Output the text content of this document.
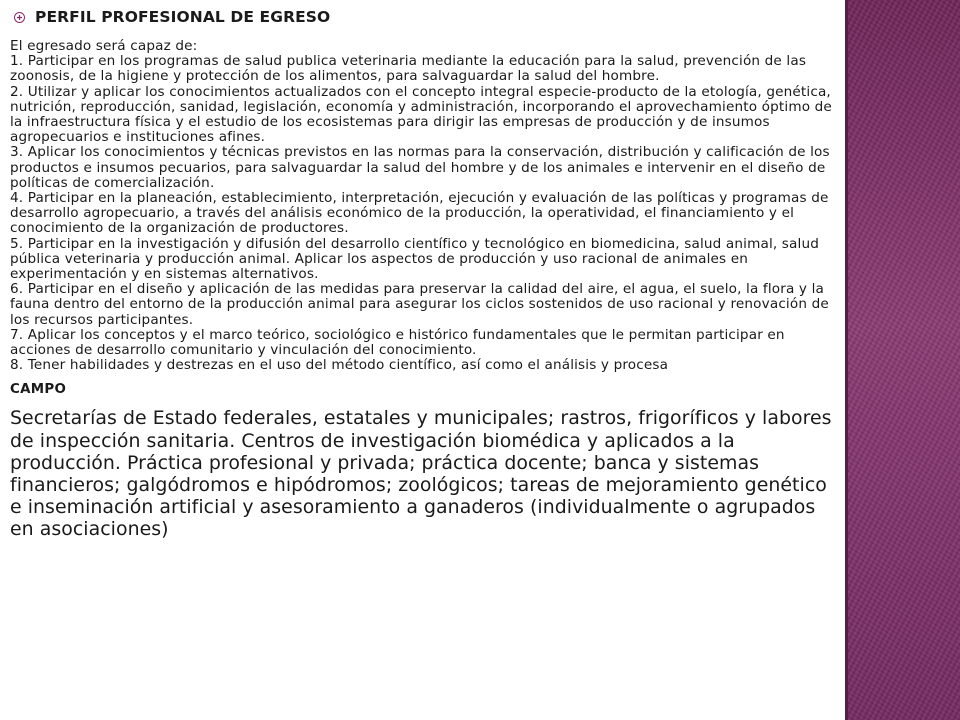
PERFIL PROFESIONAL DE EGRESO

El egresado será capaz de:

1. Participar en los programas de salud publica veterinaria mediante la educación para la salud, prevención de las zoonosis, de la higiene y protección de los alimentos, para salvaguardar la salud del hombre.

2. Utilizar y aplicar los conocimientos actualizados con el concepto integral especie-producto de la etología, genética, nutrición, reproducción, sanidad, legislación, economía y administración, incorporando el aprovechamiento óptimo de la infraestructura física y el estudio de los ecosistemas para dirigir las empresas de producción y de insumos agropecuarios e instituciones afines.

3. Aplicar los conocimientos y técnicas previstos en las normas para la conservación, distribución y calificación de los productos e insumos pecuarios, para salvaguardar la salud del hombre y de los animales e intervenir en el diseño de políticas de comercialización.

4. Participar en la planeación, establecimiento, interpretación, ejecución y evaluación de las políticas y programas de desarrollo agropecuario, a través del análisis económico de la producción, la operatividad, el financiamiento y el conocimiento de la organización de productores.

5. Participar en la investigación y difusión del desarrollo científico y tecnológico en biomedicina, salud animal, salud pública veterinaria y producción animal. Aplicar los aspectos de producción y uso racional de animales en experimentación y en sistemas alternativos.

6. Participar en el diseño y aplicación de las medidas para preservar la calidad del aire, el agua, el suelo, la flora y la fauna dentro del entorno de la producción animal para asegurar los ciclos sostenidos de uso racional y renovación de los recursos participantes.

7. Aplicar los conceptos y el marco teórico, sociológico e histórico fundamentales que le permitan participar en acciones de desarrollo comunitario y vinculación del conocimiento.

8. Tener habilidades y destrezas en el uso del método científico, así como el análisis y procesa

CAMPO

Secretarías de Estado federales, estatales y municipales; rastros, frigoríficos y labores de inspección sanitaria. Centros de investigación biomédica y aplicados a la producción. Práctica profesional y privada; práctica docente; banca y sistemas financieros; galgódromos e hipódromos; zoológicos; tareas de mejoramiento genético e inseminación artificial y asesoramiento a ganaderos (individualmente o agrupados en asociaciones)
